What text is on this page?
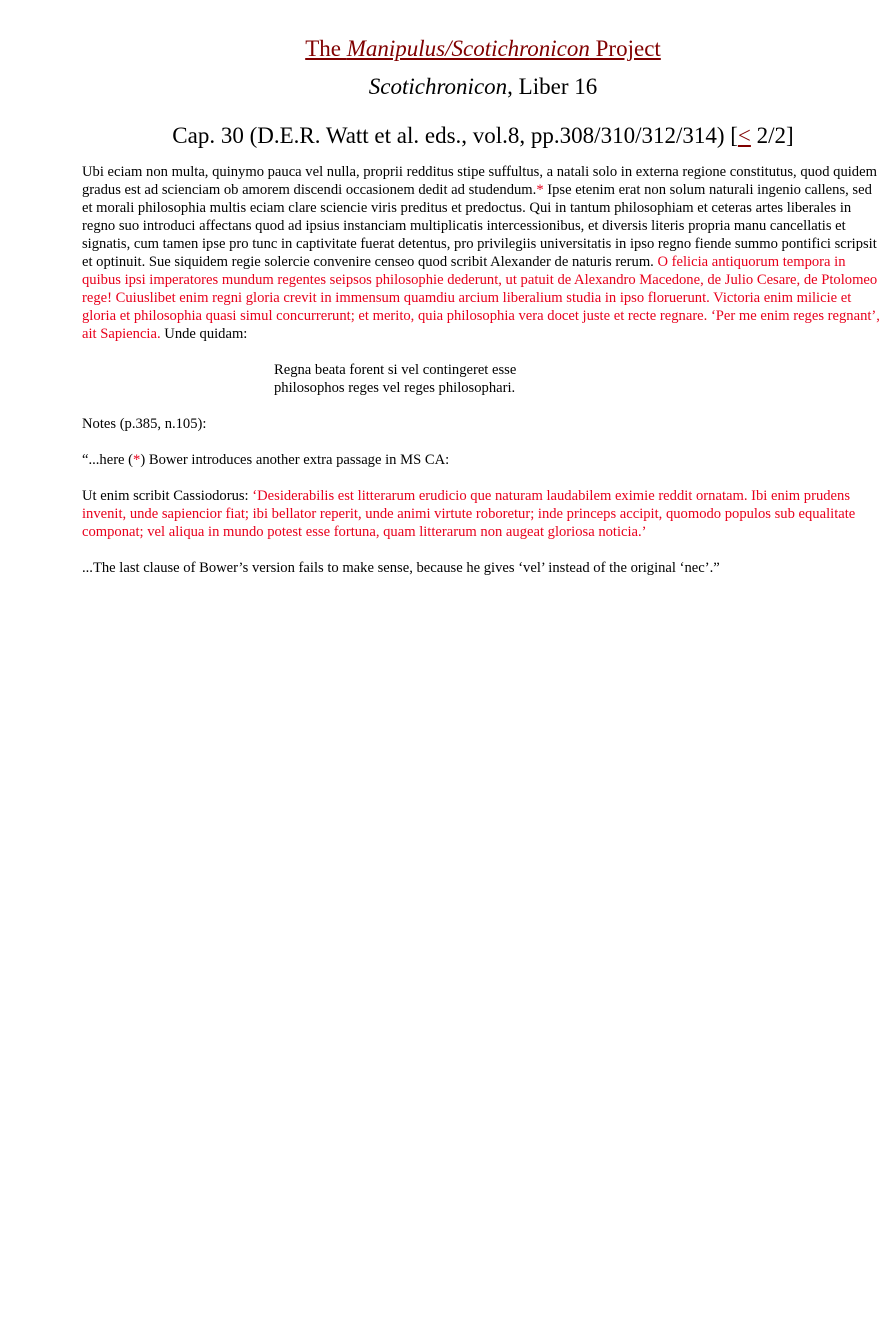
The Manipulus/Scotichronicon Project
Scotichronicon, Liber 16
Cap. 30 (D.E.R. Watt et al. eds., vol.8, pp.308/310/312/314) [< 2/2]

Ubi eciam non multa, quinymo pauca vel nulla, proprii redditus stipe suffultus, a natali solo in externa regione constitutus, quod quidem gradus est ad scienciam ob amorem discendi occasionem dedit ad studendum.* Ipse etenim erat non solum naturali ingenio callens, sed et morali philosophia multis eciam clare sciencie viris preditus et predoctus. Qui in tantum philosophiam et ceteras artes liberales in regno suo introduci affectans quod ad ipsius instanciam multiplicatis intercessionibus, et diversis literis propria manu cancellatis et signatis, cum tamen ipse pro tunc in captivitate fuerat detentus, pro privilegiis universitatis in ipso regno fiende summo pontifici scripsit et optinuit. Sue siquidem regie solercie convenire censeo quod scribit Alexander de naturis rerum. O felicia antiquorum tempora in quibus ipsi imperatores mundum regentes seipsos philosophie dederunt, ut patuit de Alexandro Macedone, de Julio Cesare, de Ptolomeo rege! Cuiuslibet enim regni gloria crevit in immensum quamdiu arcium liberalium studia in ipso floruerunt. Victoria enim milicie et gloria et philosophia quasi simul concurrerunt; et merito, quia philosophia vera docet juste et recte regnare. ‘Per me enim reges regnant’, ait Sapiencia. Unde quidam:

Regna beata forent si vel contingeret esse
philosophos reges vel reges philosophari.

Notes (p.385, n.105):

“...here (*) Bower introduces another extra passage in MS CA:

Ut enim scribit Cassiodorus: ‘Desiderabilis est litterarum erudicio que naturam laudabilem eximie reddit ornatam. Ibi enim prudens invenit, unde sapiencior fiat; ibi bellator reperit, unde animi virtute roboretur; inde princeps accipit, quomodo populos sub equalitate componat; vel aliqua in mundo potest esse fortuna, quam litterarum non augeat gloriosa noticia.’

...The last clause of Bower’s version fails to make sense, because he gives ‘vel’ instead of the original ‘nec’.”
